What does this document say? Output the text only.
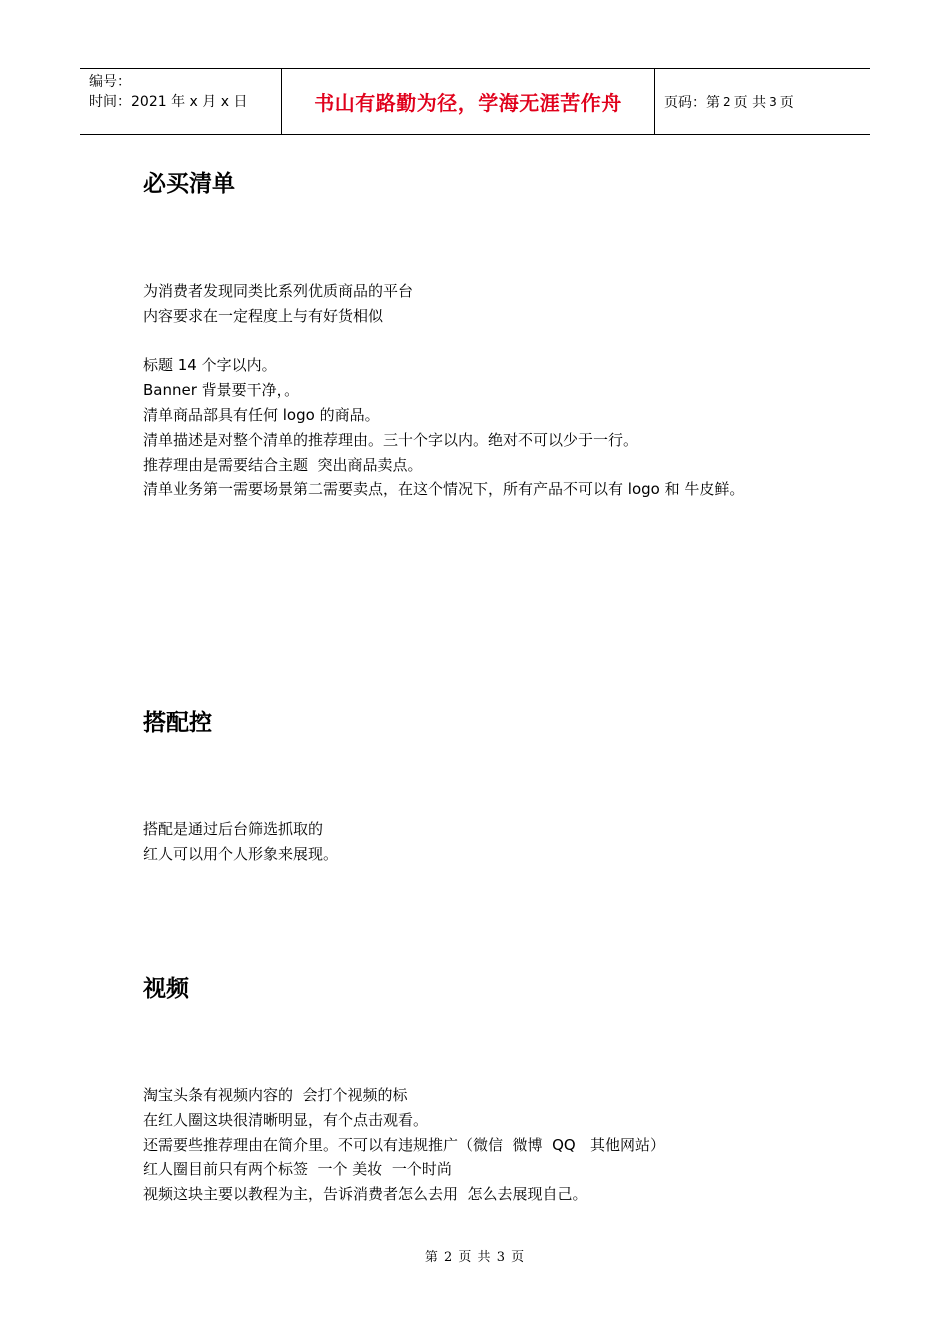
编号：
时间：2021 年 x 月 x 日	书山有路勤为径，学海无涯苦作舟	页码：第 2 页 共 3 页
必买清单
为消费者发现同类比系列优质商品的平台
内容要求在一定程度上与有好货相似
标题 14 个字以内。
Banner 背景要干净，。
清单商品部具有任何 logo 的商品。
清单描述是对整个清单的推荐理由。三十个字以内。绝对不可以少于一行。
推荐理由是需要结合主题  突出商品卖点。
清单业务第一需要场景第二需要卖点，在这个情况下，所有产品不可以有 logo 和 牛皮鲜。
搭配控
搭配是通过后台筛选抓取的
红人可以用个人形象来展现。
视频
淘宝头条有视频内容的  会打个视频的标
在红人圈这块很清晰明显，有个点击观看。
还需要些推荐理由在简介里。不可以有违规推广（微信  微博  QQ   其他网站）
红人圈目前只有两个标签  一个 美妆  一个时尚
视频这块主要以教程为主，告诉消费者怎么去用  怎么去展现自己。
第 2 页 共 3 页
